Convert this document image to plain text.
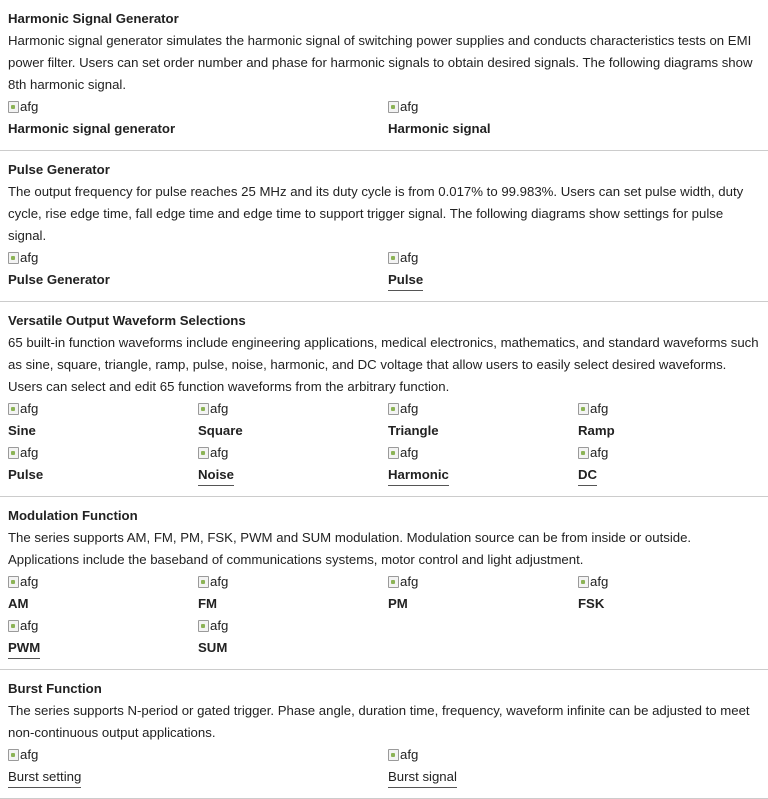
Harmonic Signal Generator

Harmonic signal generator simulates the harmonic signal of switching power supplies and conducts characteristics tests on EMI power filter. Users can set order number and phase for harmonic signals to obtain desired signals. The following diagrams show 8th harmonic signal.

afg
Harmonic signal generator
afg
Harmonic signal

Pulse Generator

The output frequency for pulse reaches 25 MHz and its duty cycle is from 0.017% to 99.983%. Users can set pulse width, duty cycle, rise edge time, fall edge time and edge time to support trigger signal. The following diagrams show settings for pulse signal.

afg
Pulse Generator
afg
Pulse

Versatile Output Waveform Selections

65 built-in function waveforms include engineering applications, medical electronics, mathematics, and standard waveforms such as sine, square, triangle, ramp, pulse, noise, harmonic, and DC voltage that allow users to easily select desired waveforms. Users can select and edit 65 function waveforms from the arbitrary function.

afg
Sine
afg
Square
afg
Triangle
afg
Ramp
afg
Pulse
afg
Noise
afg
Harmonic
afg
DC

Modulation Function

The series supports AM, FM, PM, FSK, PWM and SUM modulation. Modulation source can be from inside or outside. Applications include the baseband of communications systems, motor control and light adjustment.

afg
AM
afg
FM
afg
PM
afg
FSK
afg
PWM
afg
SUM

Burst Function

The series supports N-period or gated trigger. Phase angle, duration time, frequency, waveform infinite can be adjusted to meet non-continuous output applications.

afg
Burst setting
afg
Burst signal
